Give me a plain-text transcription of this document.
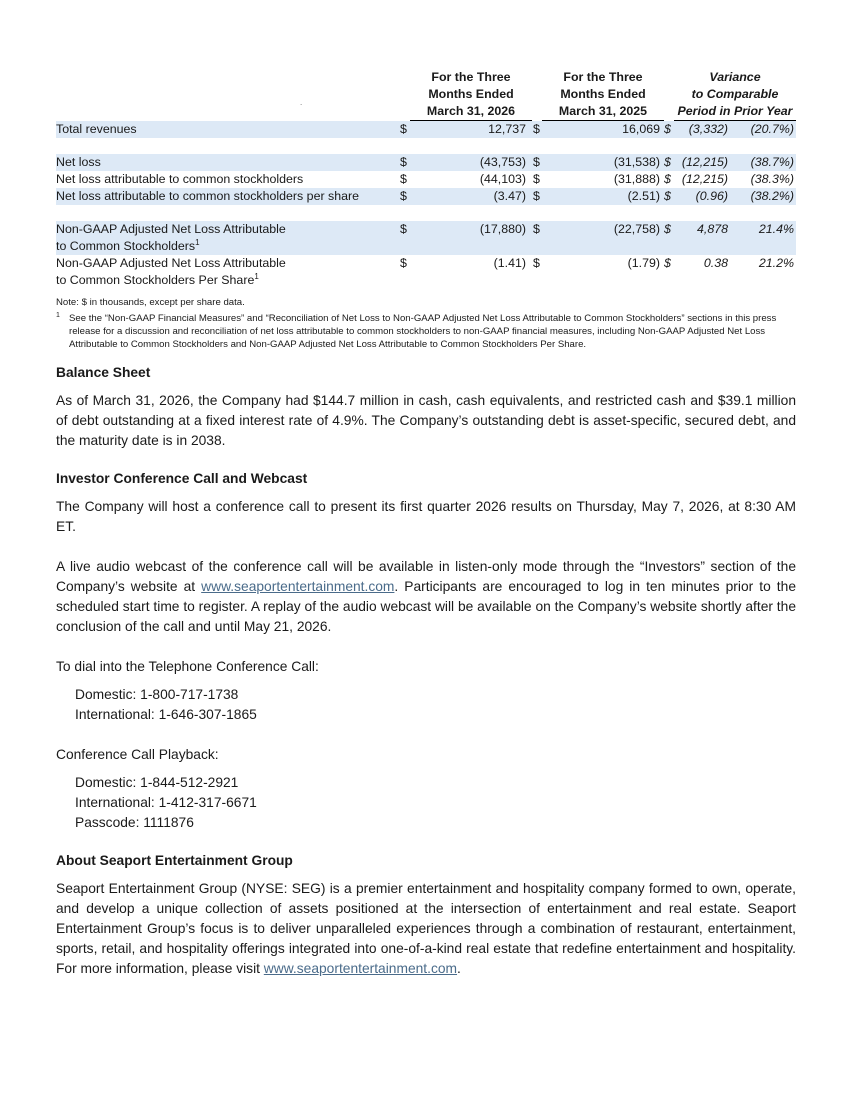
.
For the Three
Months Ended
March 31, 2026
For the Three
Months Ended
March 31, 2025
Variance
to Comparable
Period in Prior Year
Total revenues	$	12,737 $	16,069 $	(3,332)	(20.7%)
Net loss	$	(43,753) $	(31,538) $ (12,215)	(38.7%)
Net loss attributable to common stockholders	$	(44,103) $	(31,888) $ (12,215)	(38.3%)
Net loss attributable to common stockholders per share	$	(3.47) $	(2.51) $	(0.96)	(38.2%)
Non-GAAP Adjusted Net Loss Attributable
to Common Stockholders$^1$
$	(17,880) $	(22,758) $	4,878	21.4%
Non-GAAP Adjusted Net Loss Attributable
to Common Stockholders Per Share$^1$
$	(1.41) $	(1.79) $	0.38	21.2%
Note: $ in thousands, except per share data.
1 See the “Non-GAAP Financial Measures” and “Reconciliation of Net Loss to Non-GAAP Adjusted Net Loss Attributable to Common Stockholders” sections in this press release for a discussion and reconciliation of net loss attributable to common stockholders to non-GAAP financial measures, including Non-GAAP Adjusted Net Loss Attributable to Common Stockholders and Non-GAAP Adjusted Net Loss Attributable to Common Stockholders Per Share.
Balance Sheet

As of March 31, 2026, the Company had $144.7 million in cash, cash equivalents, and restricted cash and $39.1 million of debt outstanding at a fixed interest rate of 4.9%. The Company’s outstanding debt is asset-specific, secured debt, and the maturity date is in 2038.

Investor Conference Call and Webcast

The Company will host a conference call to present its first quarter 2026 results on Thursday, May 7, 2026, at 8:30 AM ET.

A live audio webcast of the conference call will be available in listen-only mode through the “Investors” section of the Company’s website at www.seaportentertainment.com. Participants are encouraged to log in ten minutes prior to the scheduled start time to register. A replay of the audio webcast will be available on the Company’s website shortly after the conclusion of the call and until May 21, 2026.

To dial into the Telephone Conference Call:

Domestic: 1-800-717-1738
International: 1-646-307-1865

Conference Call Playback:

Domestic: 1-844-512-2921
International: 1-412-317-6671
Passcode: 1111876
About Seaport Entertainment Group

Seaport Entertainment Group (NYSE: SEG) is a premier entertainment and hospitality company formed to own, operate, and develop a unique collection of assets positioned at the intersection of entertainment and real estate. Seaport Entertainment Group’s focus is to deliver unparalleled experiences through a combination of restaurant, entertainment, sports, retail, and hospitality offerings integrated into one-of-a-kind real estate that redefine entertainment and hospitality. For more information, please visit www.seaportentertainment.com.
